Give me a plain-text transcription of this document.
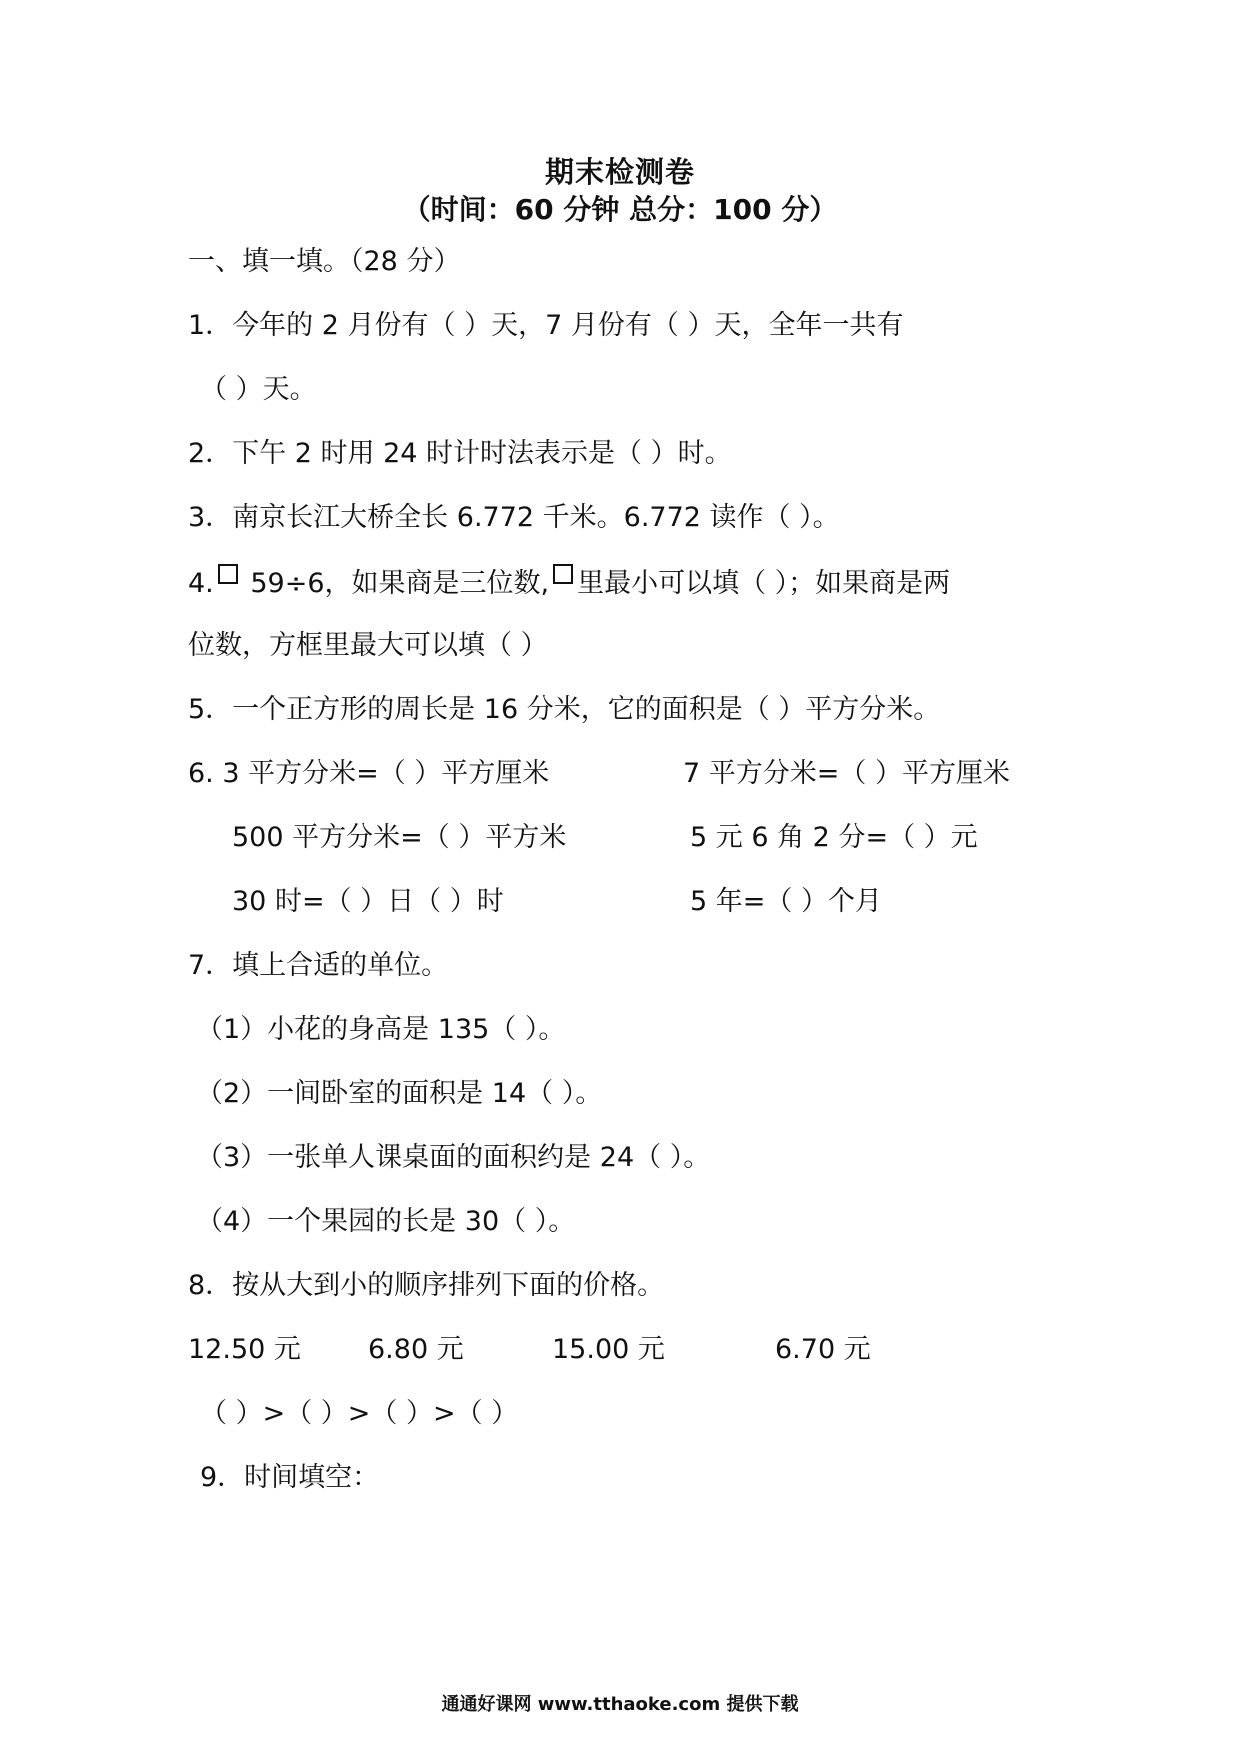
期末检测卷
（时间：60 分钟 总分：100 分）
一、填一填。（28 分）
1．今年的 2 月份有（ ）天，7 月份有（ ）天，全年一共有
（ ）天。
2．下午 2 时用 24 时计时法表示是（ ）时。
3．南京长江大桥全长 6.772 千米。6.772 读作（ ）。
4. 59÷6，如果商是三位数, 里最小可以填（ ）；如果商是两
位数，方框里最大可以填（ ）
5．一个正方形的周长是 16 分米，它的面积是（ ）平方分米。
6. 3 平方分米=（ ）平方厘米	7 平方分米=（ ）平方厘米
500 平方分米=（ ）平方米	5 元 6 角 2 分=（ ）元
30 时=（ ）日（ ）时	5 年=（ ）个月
7．填上合适的单位。
（1）小花的身高是 135（ ）。
（2）一间卧室的面积是 14（ ）。
（3）一张单人课桌面的面积约是 24（ ）。
（4）一个果园的长是 30（ ）。
8．按从大到小的顺序排列下面的价格。
12.50 元 6.80 元	15.00 元	6.70 元
（ ）>（ ）>（ ）>（ ）
9．时间填空：
通通好课网 www.tthaoke.com 提供下载
